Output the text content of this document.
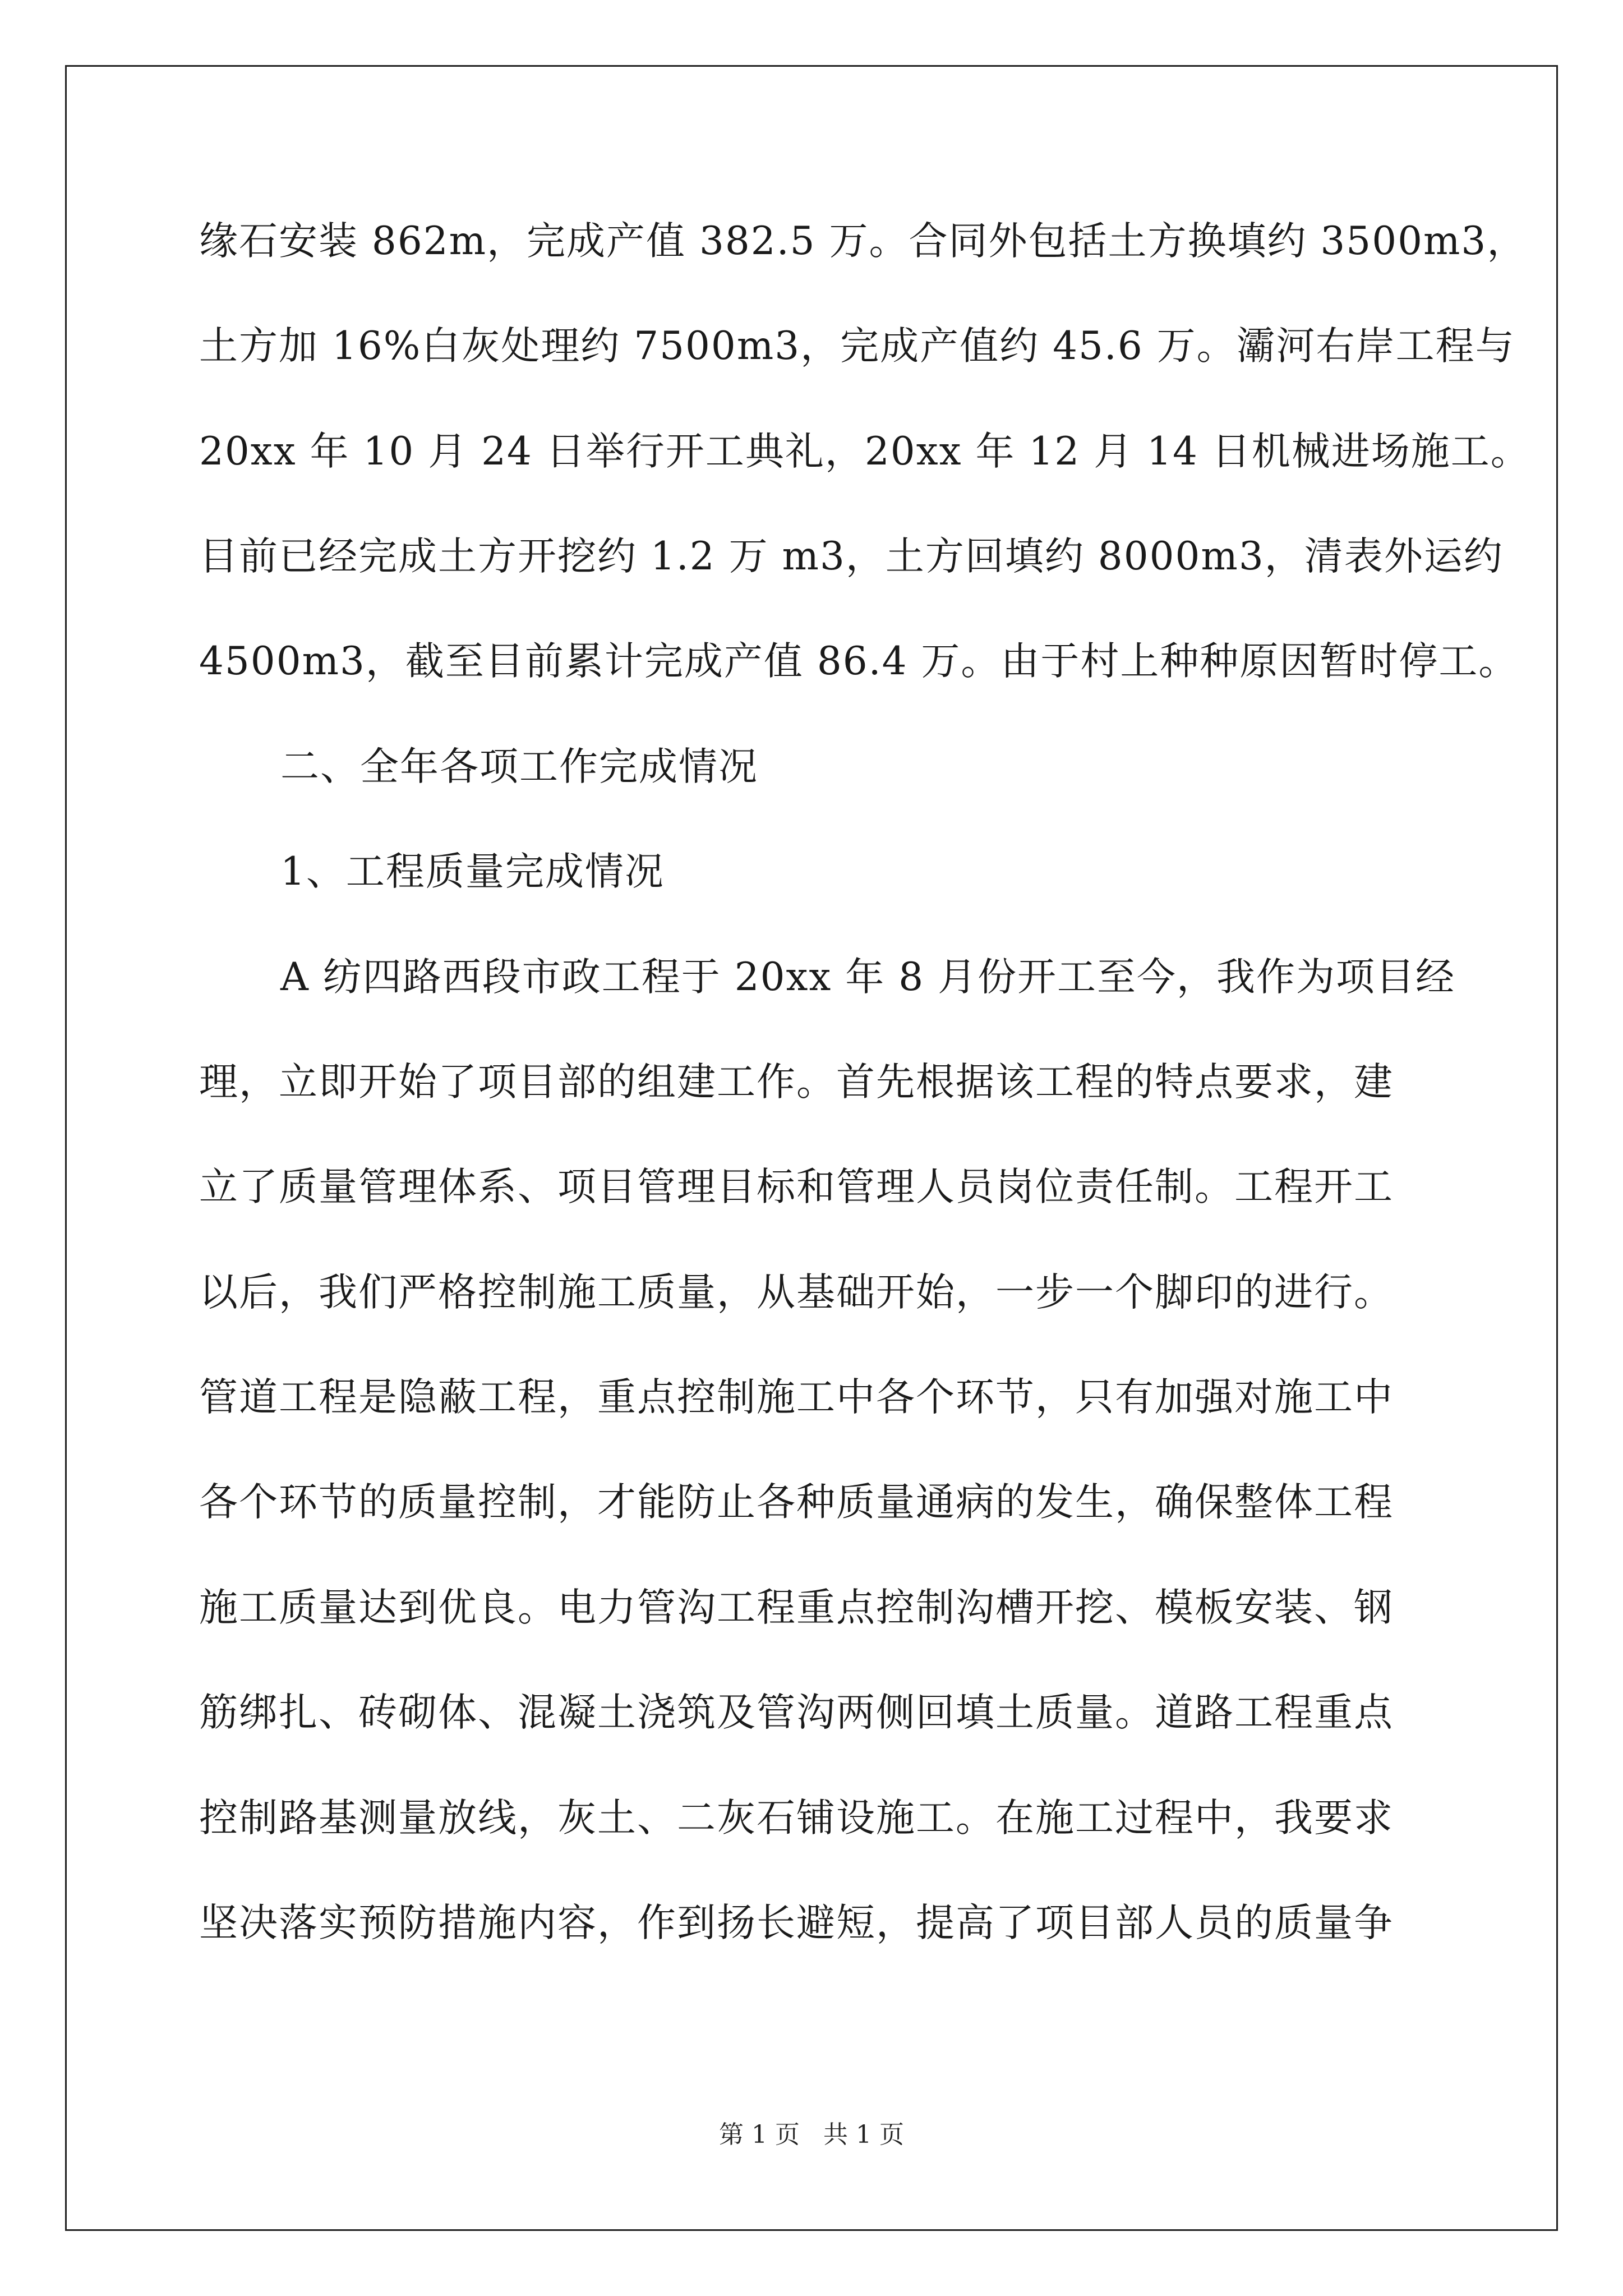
缘石安装 862m，完成产值 382.5 万。合同外包括土方换填约 3500m3，
土方加 16%白灰处理约 7500m3，完成产值约 45.6 万。灞河右岸工程与
20xx 年 10 月 24 日举行开工典礼，20xx 年 12 月 14 日机械进场施工。
目前已经完成土方开挖约 1.2 万 m3，土方回填约 8000m3，清表外运约
4500m3，截至目前累计完成产值 86.4 万。由于村上种种原因暂时停工。
二、全年各项工作完成情况
1、工程质量完成情况
A 纺四路西段市政工程于 20xx 年 8 月份开工至今，我作为项目经
理，立即开始了项目部的组建工作。首先根据该工程的特点要求，建
立了质量管理体系、项目管理目标和管理人员岗位责任制。工程开工
以后，我们严格控制施工质量，从基础开始，一步一个脚印的进行。
管道工程是隐蔽工程，重点控制施工中各个环节，只有加强对施工中
各个环节的质量控制，才能防止各种质量通病的发生，确保整体工程
施工质量达到优良。电力管沟工程重点控制沟槽开挖、模板安装、钢
筋绑扎、砖砌体、混凝土浇筑及管沟两侧回填土质量。道路工程重点
控制路基测量放线，灰土、二灰石铺设施工。在施工过程中，我要求
坚决落实预防措施内容，作到扬长避短，提高了项目部人员的质量争
第 1 页 共 1 页
